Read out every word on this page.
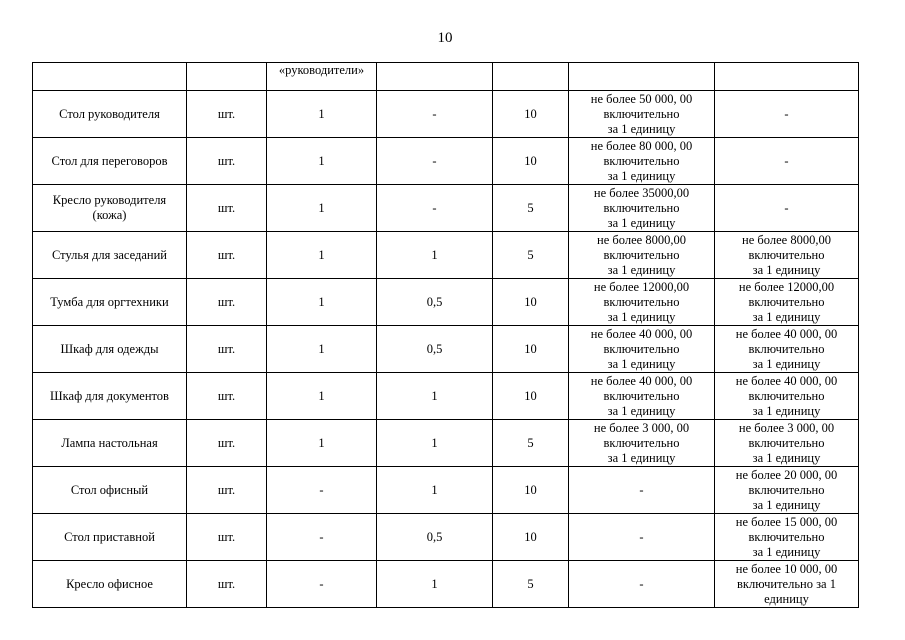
10
		«руководители»				

Стол руководителя	шт.	1	-	10	не более 50 000, 00
включительно
за 1 единицу	-

Стол для переговоров	шт.	1	-	10	не более 80 000, 00
включительно
за 1 единицу	-

Кресло руководителя
(кожа)	шт.	1	-	5	не более 35000,00
включительно
за 1 единицу	-

Стулья для заседаний	шт.	1	1	5	не более 8000,00
включительно
за 1 единицу	не более 8000,00
включительно
за 1 единицу

Тумба для оргтехники	шт.	1	0,5	10	не более 12000,00
включительно
за 1 единицу	не более 12000,00
включительно
за 1 единицу

Шкаф для одежды	шт.	1	0,5	10	не более 40 000, 00
включительно
за 1 единицу	не более 40 000, 00
включительно
за 1 единицу

Шкаф для документов	шт.	1	1	10	не более 40 000, 00
включительно
за 1 единицу	не более 40 000, 00
включительно
за 1 единицу

Лампа настольная	шт.	1	1	5	не более 3 000, 00
включительно
за 1 единицу	не более 3 000, 00
включительно
за 1 единицу

Стол офисный	шт.	-	1	10	-	не более 20 000, 00
включительно
за 1 единицу

Стол приставной	шт.	-	0,5	10	-	не более 15 000, 00
включительно
за 1 единицу

Кресло офисное	шт.	-	1	5	-	не более 10 000, 00
включительно за 1
единицу
